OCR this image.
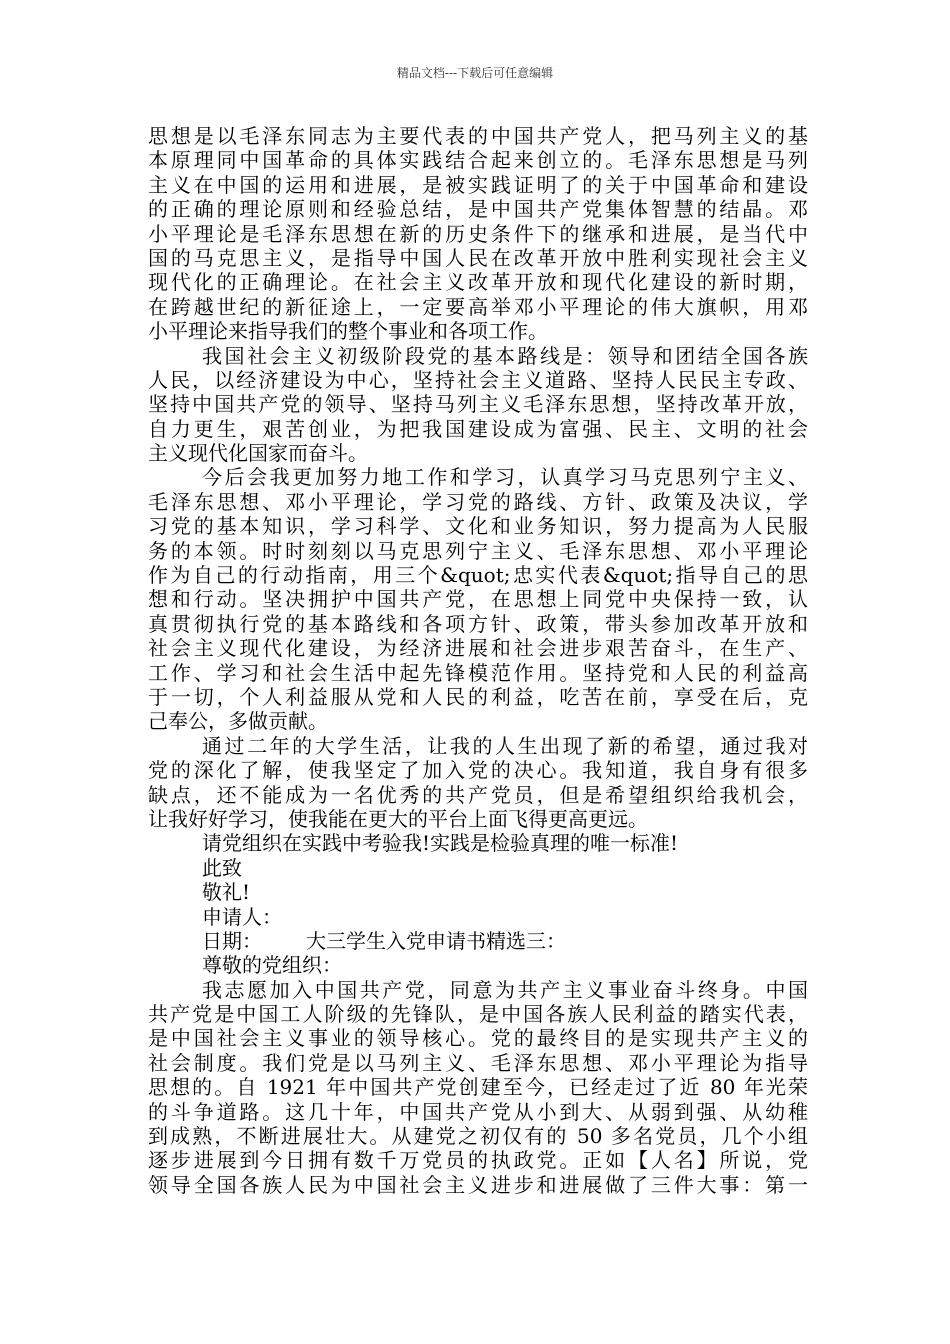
精品文档---下载后可任意编辑
思想是以毛泽东同志为主要代表的中国共产党人，把马列主义的基
本原理同中国革命的具体实践结合起来创立的。毛泽东思想是马列
主义在中国的运用和进展，是被实践证明了的关于中国革命和建设
的正确的理论原则和经验总结，是中国共产党集体智慧的结晶。邓
小平理论是毛泽东思想在新的历史条件下的继承和进展，是当代中
国的马克思主义，是指导中国人民在改革开放中胜利实现社会主义
现代化的正确理论。在社会主义改革开放和现代化建设的新时期，
在跨越世纪的新征途上，一定要高举邓小平理论的伟大旗帜，用邓
小平理论来指导我们的整个事业和各项工作。
我国社会主义初级阶段党的基本路线是：领导和团结全国各族
人民，以经济建设为中心，坚持社会主义道路、坚持人民民主专政、
坚持中国共产党的领导、坚持马列主义毛泽东思想，坚持改革开放，
自力更生，艰苦创业，为把我国建设成为富强、民主、文明的社会
主义现代化国家而奋斗。
今后会我更加努力地工作和学习，认真学习马克思列宁主义、
毛泽东思想、邓小平理论，学习党的路线、方针、政策及决议，学
习党的基本知识，学习科学、文化和业务知识，努力提高为人民服
务的本领。时时刻刻以马克思列宁主义、毛泽东思想、邓小平理论
作为自己的行动指南，用三个&quot;忠实代表&quot;指导自己的思
想和行动。坚决拥护中国共产党，在思想上同党中央保持一致，认
真贯彻执行党的基本路线和各项方针、政策，带头参加改革开放和
社会主义现代化建设，为经济进展和社会进步艰苦奋斗，在生产、
工作、学习和社会生活中起先锋模范作用。坚持党和人民的利益高
于一切，个人利益服从党和人民的利益，吃苦在前，享受在后，克
己奉公，多做贡献。
通过二年的大学生活，让我的人生出现了新的希望，通过我对
党的深化了解，使我坚定了加入党的决心。我知道，我自身有很多
缺点，还不能成为一名优秀的共产党员，但是希望组织给我机会，
让我好好学习，使我能在更大的平台上面飞得更高更远。
请党组织在实践中考验我!实践是检验真理的唯一标准!
此致
敬礼!
申请人：
日期： 大三学生入党申请书精选三：
尊敬的党组织：
我志愿加入中国共产党，同意为共产主义事业奋斗终身。中国
共产党是中国工人阶级的先锋队，是中国各族人民利益的踏实代表，
是中国社会主义事业的领导核心。党的最终目的是实现共产主义的
社会制度。我们党是以马列主义、毛泽东思想、邓小平理论为指导
思想的。自 1921 年中国共产党创建至今，已经走过了近 80 年光荣
的斗争道路。这几十年，中国共产党从小到大、从弱到强、从幼稚
到成熟，不断进展壮大。从建党之初仅有的 50 多名党员，几个小组
逐步进展到今日拥有数千万党员的执政党。正如【人名】所说，党
领导全国各族人民为中国社会主义进步和进展做了三件大事：第一
